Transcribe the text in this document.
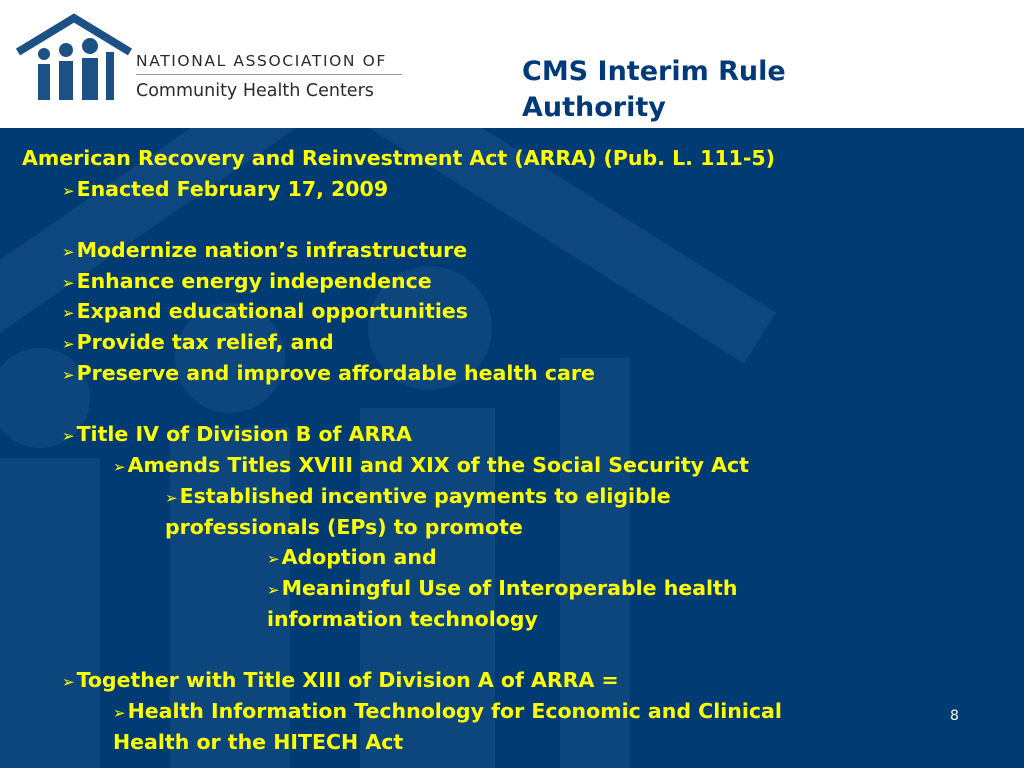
NATIONAL ASSOCIATION OF
Community Health Centers
CMS Interim Rule
Authority
American Recovery and Reinvestment Act (ARRA) (Pub. L. 111-5)
➢Enacted February 17, 2009
➢Modernize nation’s infrastructure
➢Enhance energy independence
➢Expand educational opportunities
➢Provide tax relief, and
➢Preserve and improve affordable health care
➢Title IV of Division B of ARRA
➢Amends Titles XVIII and XIX of the Social Security Act
➢Established incentive payments to eligible
professionals (EPs) to promote
➢Adoption and
➢Meaningful Use of Interoperable health
information technology
➢Together with Title XIII of Division A of ARRA =
➢Health Information Technology for Economic and Clinical
Health or the HITECH Act
8
